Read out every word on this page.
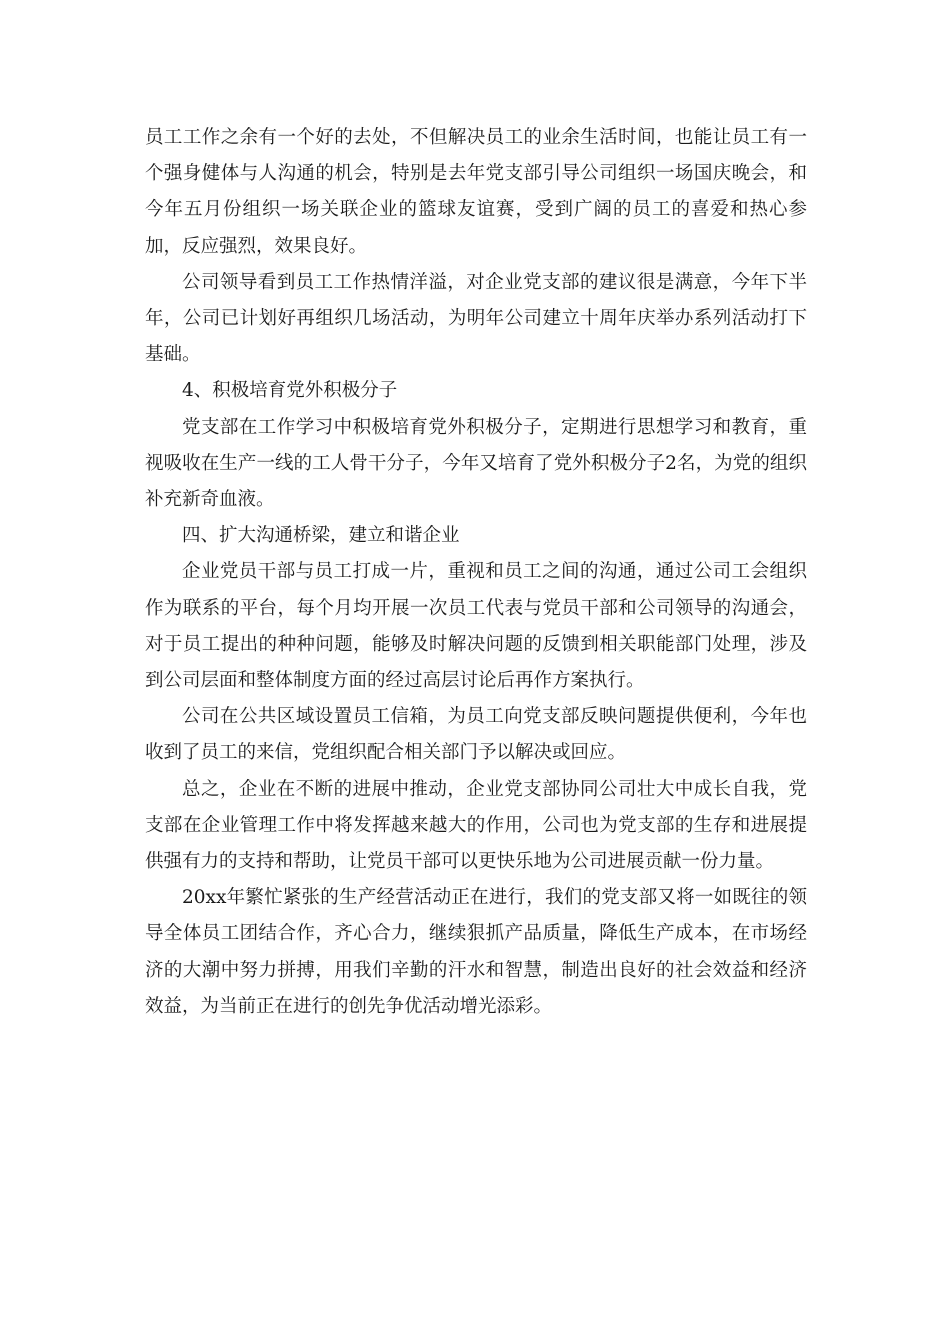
员工工作之余有一个好的去处，不但解决员工的业余生活时间，也能让员工有一个强身健体与人沟通的机会，特别是去年党支部引导公司组织一场国庆晚会，和今年五月份组织一场关联企业的篮球友谊赛，受到广阔的员工的喜爱和热心参加，反应强烈，效果良好。

公司领导看到员工工作热情洋溢，对企业党支部的建议很是满意，今年下半年，公司已计划好再组织几场活动，为明年公司建立十周年庆举办系列活动打下基础。

4、积极培育党外积极分子

党支部在工作学习中积极培育党外积极分子，定期进行思想学习和教育，重视吸收在生产一线的工人骨干分子，今年又培育了党外积极分子2名，为党的组织补充新奇血液。

四、扩大沟通桥梁，建立和谐企业

企业党员干部与员工打成一片，重视和员工之间的沟通，通过公司工会组织作为联系的平台，每个月均开展一次员工代表与党员干部和公司领导的沟通会，对于员工提出的种种问题，能够及时解决问题的反馈到相关职能部门处理，涉及到公司层面和整体制度方面的经过高层讨论后再作方案执行。

公司在公共区域设置员工信箱，为员工向党支部反映问题提供便利，今年也收到了员工的来信，党组织配合相关部门予以解决或回应。

总之，企业在不断的进展中推动，企业党支部协同公司壮大中成长自我，党支部在企业管理工作中将发挥越来越大的作用，公司也为党支部的生存和进展提供强有力的支持和帮助，让党员干部可以更快乐地为公司进展贡献一份力量。

20xx年繁忙紧张的生产经营活动正在进行，我们的党支部又将一如既往的领导全体员工团结合作，齐心合力，继续狠抓产品质量，降低生产成本，在市场经济的大潮中努力拼搏，用我们辛勤的汗水和智慧，制造出良好的社会效益和经济效益，为当前正在进行的创先争优活动增光添彩。
